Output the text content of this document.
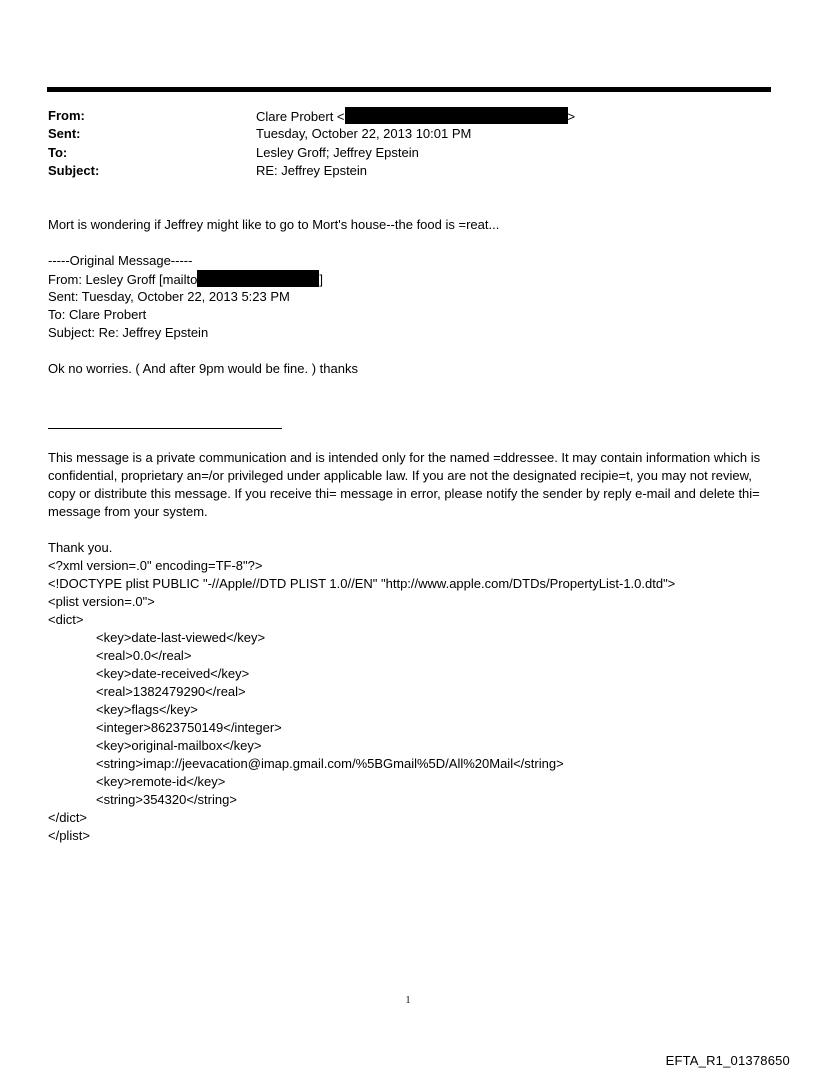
From:	Clare Probert <	>
Sent:	Tuesday, October 22, 2013 10:01 PM
To:	Lesley Groff; Jeffrey Epstein
Subject:	RE: Jeffrey Epstein
Mort is wondering if Jeffrey might like to go to Mort's house--the food is =reat...
-----Original Message-----
From: Lesley Groff [mailto	]
Sent: Tuesday, October 22, 2013 5:23 PM
To: Clare Probert
Subject: Re: Jeffrey Epstein
Ok no worries. ( And after 9pm would be fine. ) thanks
This message is a private communication and is intended only for the named =ddressee. It may contain information which is confidential, proprietary an=/or privileged under applicable law. If you are not the designated recipie=t, you may not review, copy or distribute this message. If you receive thi= message in error, please notify the sender by reply e-mail and delete thi= message from your system.
Thank you.
<?xml version=.0" encoding=TF-8"?>
<!DOCTYPE plist PUBLIC "-//Apple//DTD PLIST 1.0//EN" "http://www.apple.com/DTDs/PropertyList-1.0.dtd">
<plist version=.0">
<dict>
<key>date-last-viewed</key>
<real>0.0</real>
<key>date-received</key>
<real>1382479290</real>
<key>flags</key>
<integer>8623750149</integer>
<key>original-mailbox</key>
<string>imap://jeevacation@imap.gmail.com/%5BGmail%5D/All%20Mail</string>
<key>remote-id</key>
<string>354320</string>
</dict>
</plist>
1
EFTA_R1_01378650
